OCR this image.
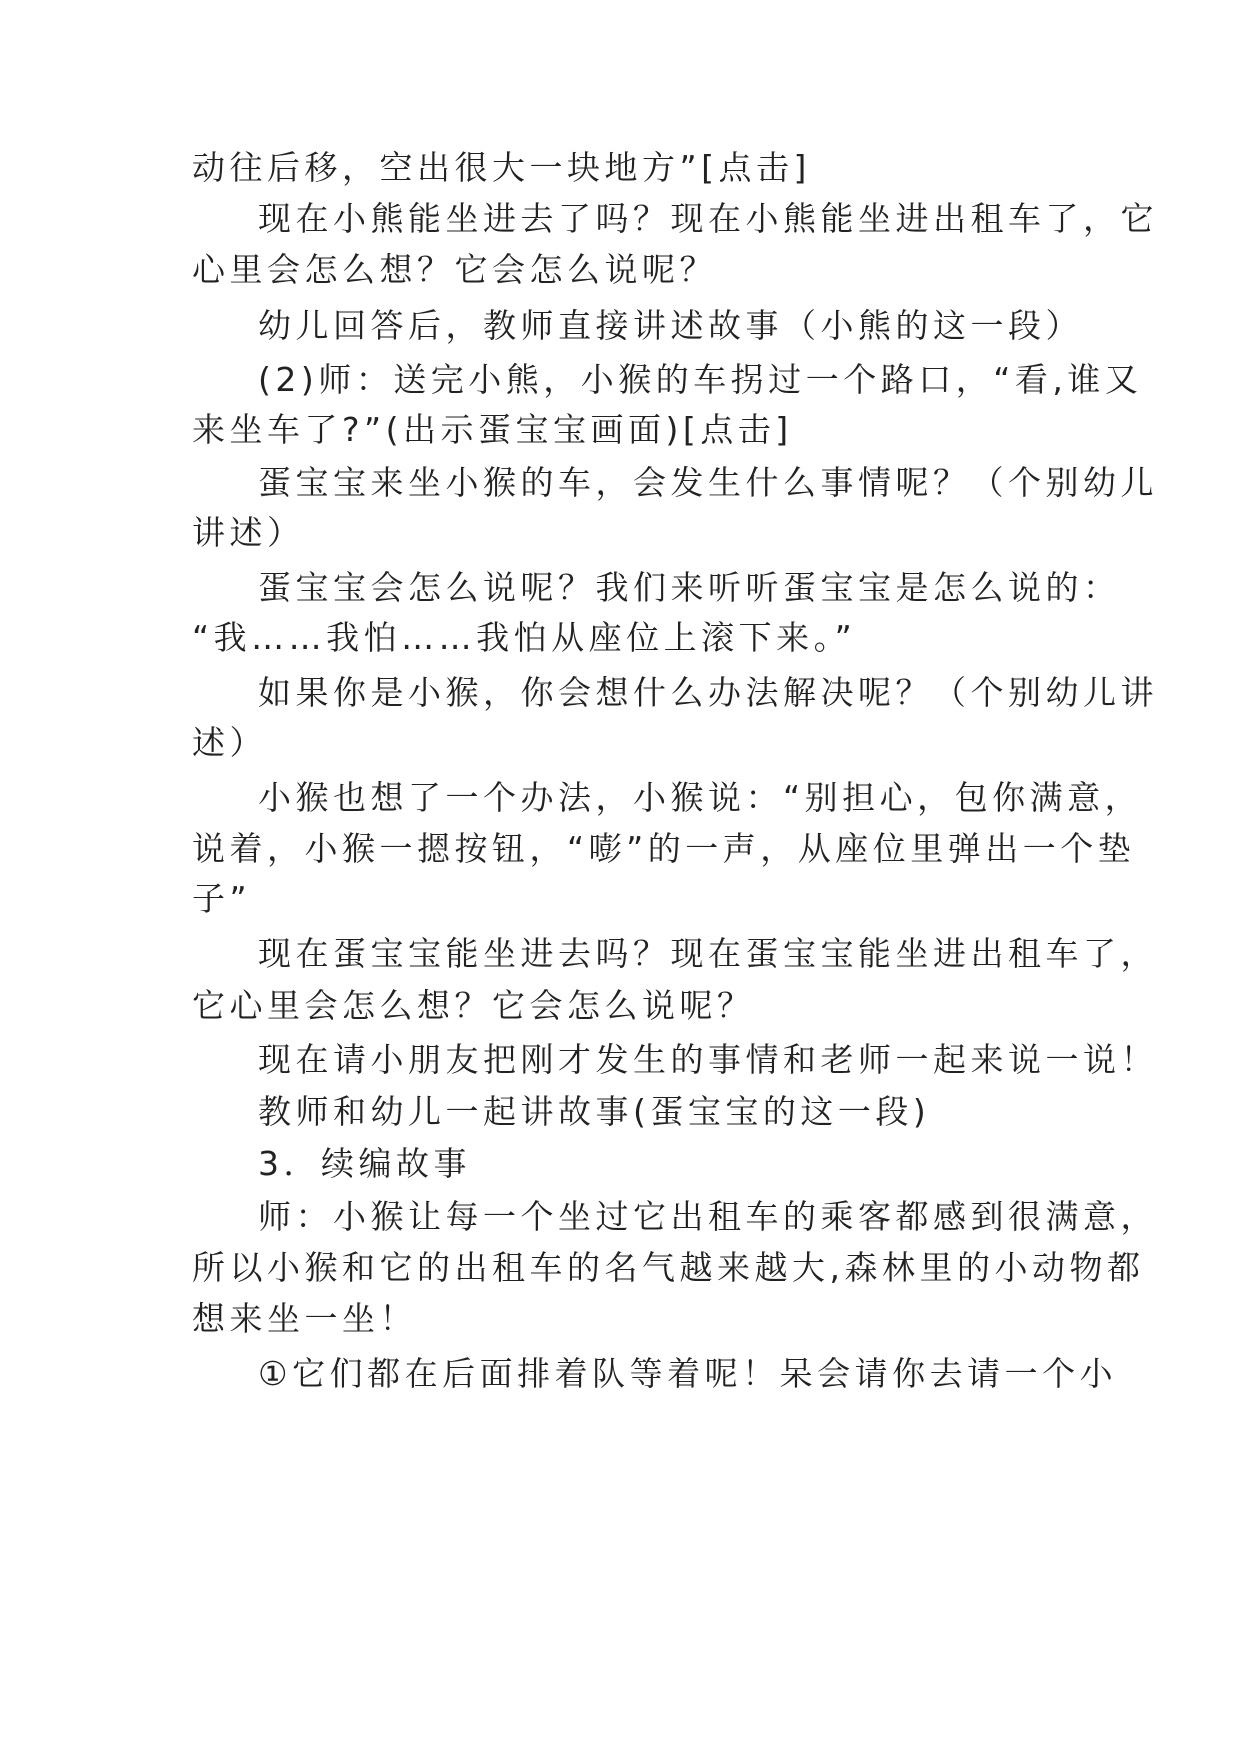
动往后移，空出很大一块地方”[点击]
现在小熊能坐进去了吗？现在小熊能坐进出租车了，它
心里会怎么想？它会怎么说呢？
幼儿回答后，教师直接讲述故事（小熊的这一段）
(2)师：送完小熊，小猴的车拐过一个路口，“看,谁又
来坐车了?”(出示蛋宝宝画面)[点击]
蛋宝宝来坐小猴的车，会发生什么事情呢？（个别幼儿
讲述）
蛋宝宝会怎么说呢？我们来听听蛋宝宝是怎么说的：
“我……我怕……我怕从座位上滚下来。”
如果你是小猴，你会想什么办法解决呢？（个别幼儿讲
述）
小猴也想了一个办法，小猴说：“别担心，包你满意，
说着，小猴一摁按钮，“嘭”的一声，从座位里弹出一个垫
子”
现在蛋宝宝能坐进去吗？现在蛋宝宝能坐进出租车了，
它心里会怎么想？它会怎么说呢？
现在请小朋友把刚才发生的事情和老师一起来说一说！
教师和幼儿一起讲故事(蛋宝宝的这一段)
3．续编故事
师：小猴让每一个坐过它出租车的乘客都感到很满意，
所以小猴和它的出租车的名气越来越大,森林里的小动物都
想来坐一坐！
①它们都在后面排着队等着呢！呆会请你去请一个小
